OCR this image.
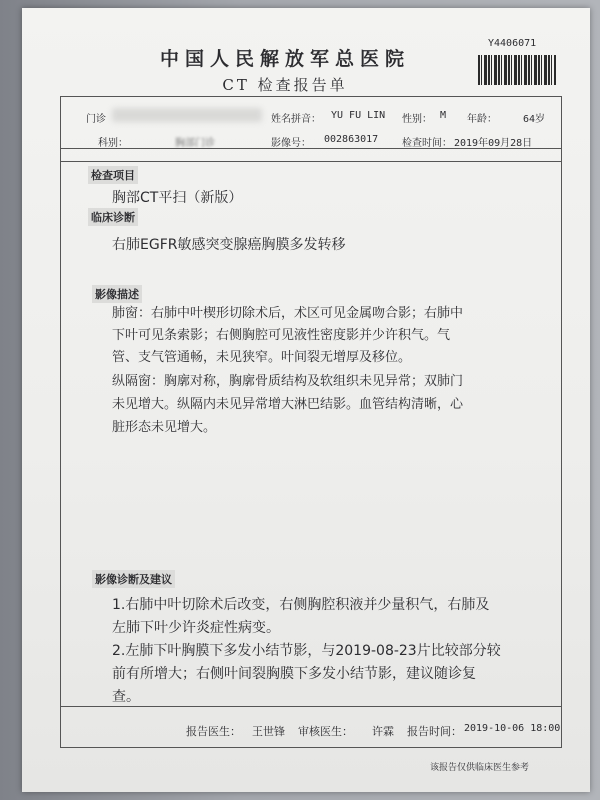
中国人民解放军总医院
CT 检查报告单
Y4406071
门诊	姓名拼音： YU FU LIN 性别： M 年龄：	64岁
科别：	胸部门诊	影像号： 002863017 检查时间： 2019年09月28日
检查项目
胸部CT平扫（新版）
临床诊断
右肺EGFR敏感突变腺癌胸膜多发转移
影像描述

肺窗：右肺中叶楔形切除术后，术区可见金属吻合影；右肺中

下叶可见条索影；右侧胸腔可见液性密度影并少许积气。气

管、支气管通畅，未见狭窄。叶间裂无增厚及移位。

纵隔窗：胸廓对称，胸廓骨质结构及软组织未见异常；双肺门

未见增大。纵隔内未见异常增大淋巴结影。血管结构清晰，心

脏形态未见增大。

影像诊断及建议

1.右肺中叶切除术后改变，右侧胸腔积液并少量积气，右肺及

左肺下叶少许炎症性病变。

2.左肺下叶胸膜下多发小结节影，与2019-08-23片比较部分较

前有所增大；右侧叶间裂胸膜下多发小结节影，建议随诊复

查。

报告医生： 王世锋 审核医生： 许霖 报告时间： 2019-10-06 18:00
该报告仅供临床医生参考
